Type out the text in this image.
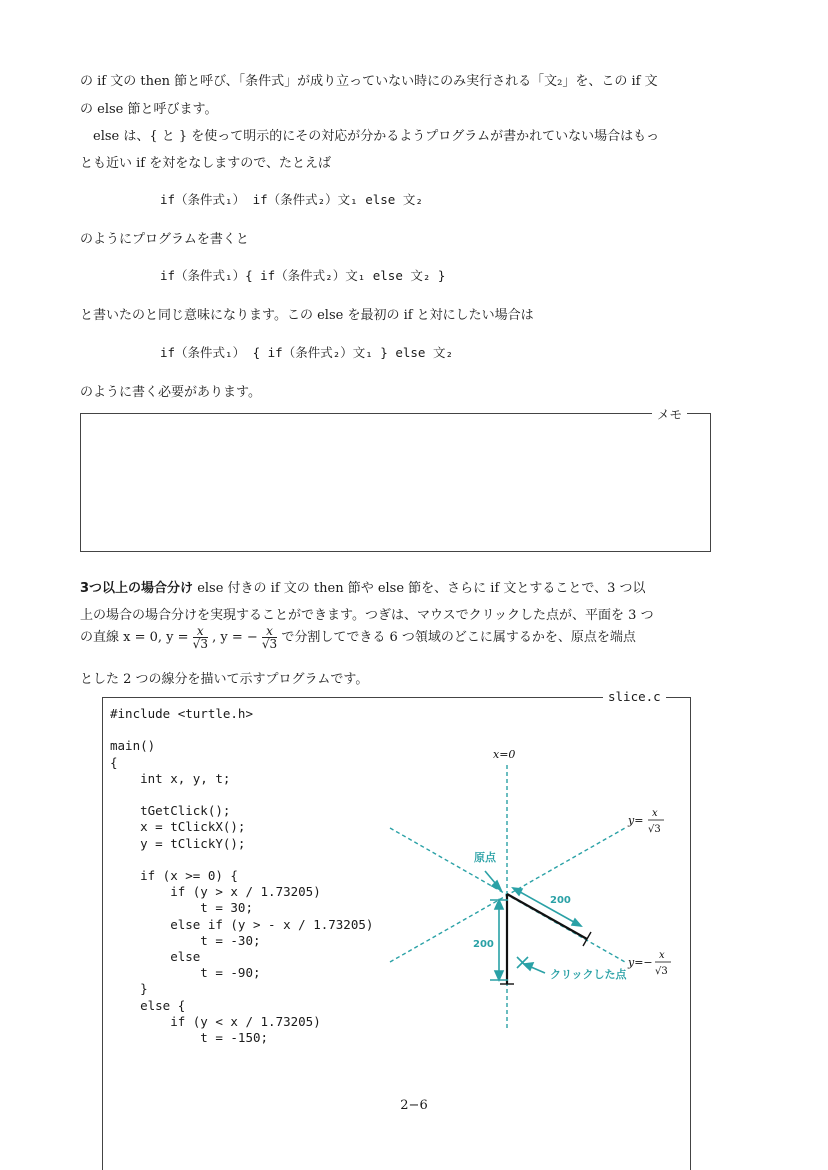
の if 文の then 節と呼び、「条件式」が成り立っていない時にのみ実行される「文₂」を、この if 文
の else 節と呼びます。
　else は、{ と } を使って明示的にその対応が分かるようプログラムが書かれていない場合はもっ
とも近い if を対をなしますので、たとえば
if（条件式₁） if（条件式₂）文₁ else 文₂
のようにプログラムを書くと
if（条件式₁）{ if（条件式₂）文₁ else 文₂ }
と書いたのと同じ意味になります。この else を最初の if と対にしたい場合は
if（条件式₁） { if（条件式₂）文₁ } else 文₂
のように書く必要があります。
メモ
3つ以上の場合分け else 付きの if 文の then 節や else 節を、さらに if 文とすることで、3 つ以
上の場合の場合分けを実現することができます。つぎは、マウスでクリックした点が、平面を 3 つ
の直線 x = 0, $y = \frac{x}{√3}$ , y = − $\frac{x}{√3}$ で分割してできる 6 つ領域のどこに属するかを、原点を端点
とした 2 つの線分を描いて示すプログラムです。
slice.c
#include <turtle.h>

main()
{
int x, y, t;

tGetClick();
x = tClickX();
y = tClickY();

if (x >= 0) {
if (y > x / 1.73205)
t = 30;
else if (y > - x / 1.73205)
t = -30;
else
t = -90;
}
else {
if (y < x / 1.73205)
t = -150;
x=0
y=
x
√3
y=−
x
√3
原点
200
200
クリックした点
2−6
